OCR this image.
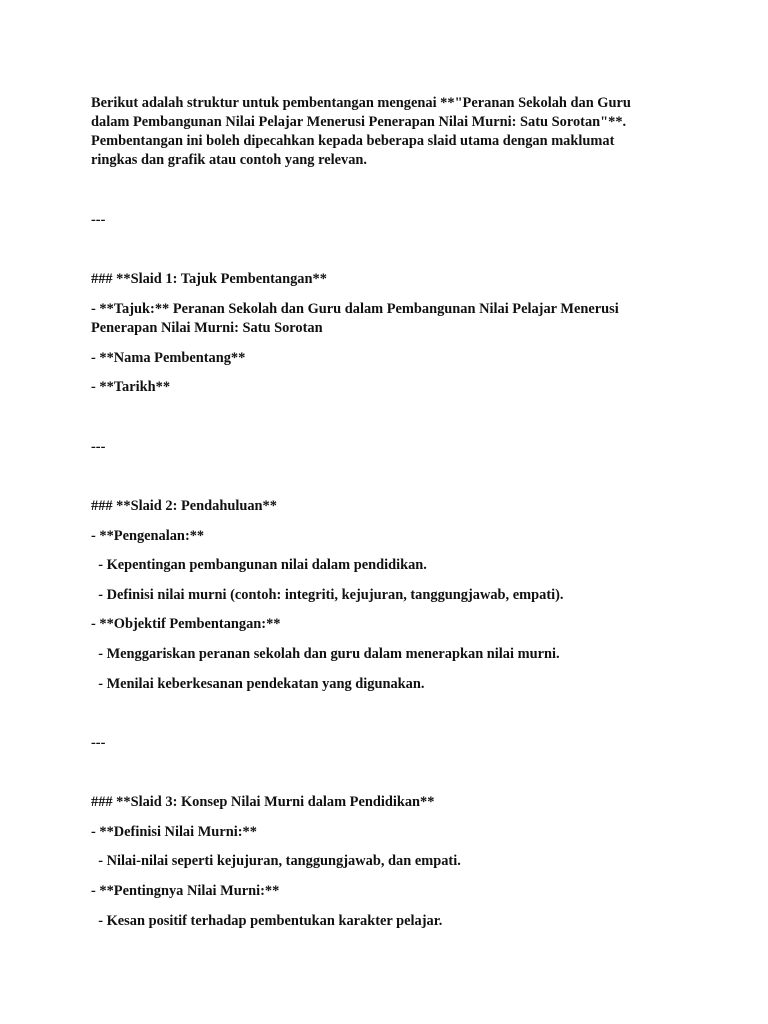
Berikut adalah struktur untuk pembentangan mengenai **"Peranan Sekolah dan Guru
dalam Pembangunan Nilai Pelajar Menerusi Penerapan Nilai Murni: Satu Sorotan"**.
Pembentangan ini boleh dipecahkan kepada beberapa slaid utama dengan maklumat
ringkas dan grafik atau contoh yang relevan.
---
### **Slaid 1: Tajuk Pembentangan**
- **Tajuk:** Peranan Sekolah dan Guru dalam Pembangunan Nilai Pelajar Menerusi
Penerapan Nilai Murni: Satu Sorotan
- **Nama Pembentang**
- **Tarikh**
---
### **Slaid 2: Pendahuluan**
- **Pengenalan:**
- Kepentingan pembangunan nilai dalam pendidikan.
- Definisi nilai murni (contoh: integriti, kejujuran, tanggungjawab, empati).
- **Objektif Pembentangan:**
- Menggariskan peranan sekolah dan guru dalam menerapkan nilai murni.
- Menilai keberkesanan pendekatan yang digunakan.
---
### **Slaid 3: Konsep Nilai Murni dalam Pendidikan**
- **Definisi Nilai Murni:**
- Nilai-nilai seperti kejujuran, tanggungjawab, dan empati.
- **Pentingnya Nilai Murni:**
- Kesan positif terhadap pembentukan karakter pelajar.
